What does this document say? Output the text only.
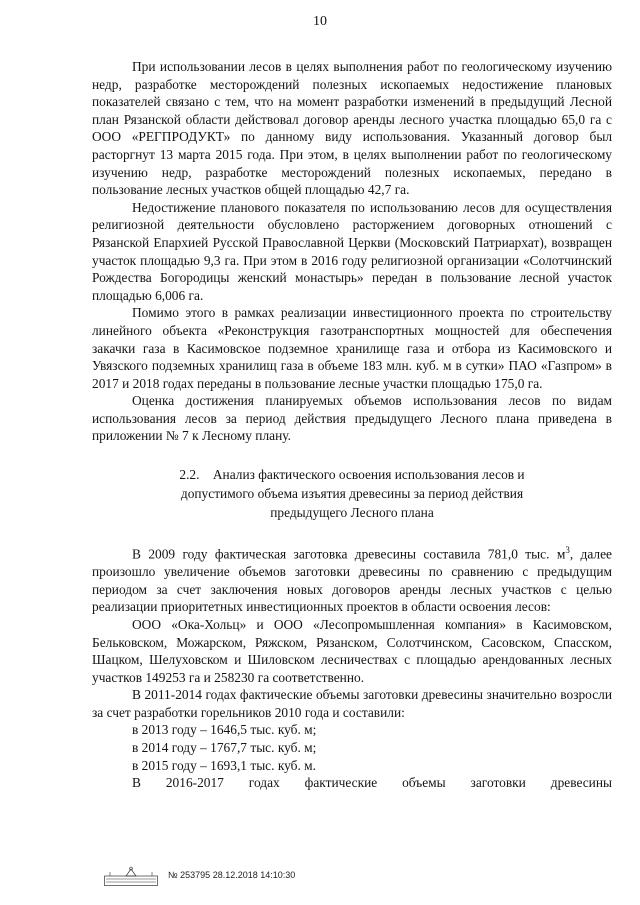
10

При использовании лесов в целях выполнения работ по геологическому изучению недр, разработке месторождений полезных ископаемых недостижение плановых показателей связано с тем, что на момент разработки изменений в предыдущий Лесной план Рязанской области действовал договор аренды лесного участка площадью 65,0 га с ООО «РЕГПРОДУКТ» по данному виду использования. Указанный договор был расторгнут 13 марта 2015 года. При этом, в целях выполнении работ по геологическому изучению недр, разработке месторождений полезных ископаемых, передано в пользование лесных участков общей площадью 42,7 га.

Недостижение планового показателя по использованию лесов для осуществления религиозной деятельности обусловлено расторжением договорных отношений с Рязанской Епархией Русской Православной Церкви (Московский Патриархат), возвращен участок площадью 9,3 га. При этом в 2016 году религиозной организации «Солотчинский Рождества Богородицы женский монастырь» передан в пользование лесной участок площадью 6,006 га.

Помимо этого в рамках реализации инвестиционного проекта по строительству линейного объекта «Реконструкция газотранспортных мощностей для обеспечения закачки газа в Касимовское подземное хранилище газа и отбора из Касимовского и Увязского подземных хранилищ газа в объеме 183 млн. куб. м в сутки» ПАО «Газпром» в 2017 и 2018 годах переданы в пользование лесные участки площадью 175,0 га.

Оценка достижения планируемых объемов использования лесов по видам использования лесов за период действия предыдущего Лесного плана приведена в приложении № 7 к Лесному плану.

2.2. Анализ фактического освоения использования лесов и
допустимого объема изъятия древесины за период действия
предыдущего Лесного плана

В 2009 году фактическая заготовка древесины составила 781,0 тыс. $м^3$, далее произошло увеличение объемов заготовки древесины по сравнению с предыдущим периодом за счет заключения новых договоров аренды лесных участков с целью реализации приоритетных инвестиционных проектов в области освоения лесов:

ООО «Ока-Хольц» и ООО «Лесопромышленная компания» в Касимовском, Бельковском, Можарском, Ряжском, Рязанском, Солотчинском, Сасовском, Спасском, Шацком, Шелуховском и Шиловском лесничествах с площадью арендованных лесных участков 149253 га и 258230 га соответственно.

В 2011-2014 годах фактические объемы заготовки древесины значительно возросли за счет разработки горельников 2010 года и составили:

в 2013 году – 1646,5 тыс. куб. м;

в 2014 году – 1767,7 тыс. куб. м;

в 2015 году – 1693,1 тыс. куб. м.

В 2016-2017 годах фактические объемы заготовки древесины

№ 253795 28.12.2018 14:10:30
